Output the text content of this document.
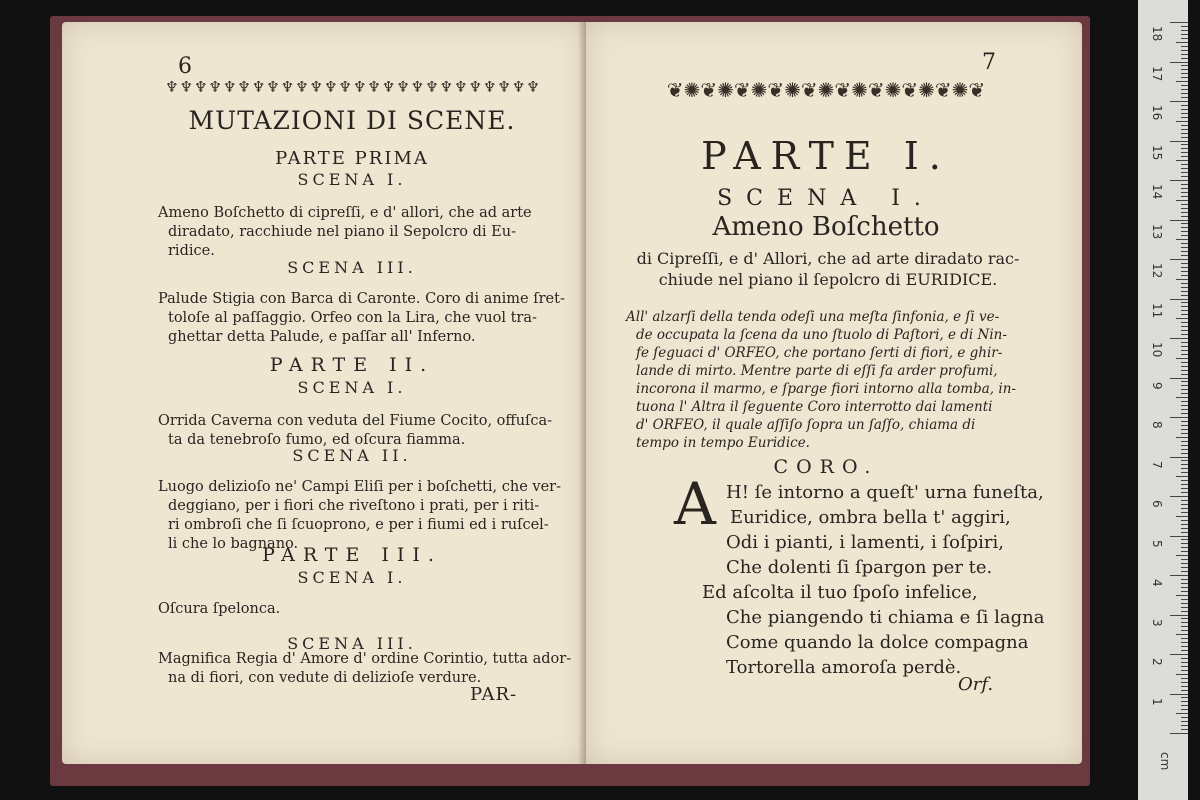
6
♆♆♆♆♆♆♆♆♆♆♆♆♆♆♆♆♆♆♆♆♆♆♆♆♆♆
MUTAZIONI DI SCENE.
PARTE PRIMA
SCENA I.
Ameno Boſchetto di cipreſſi, e d' allori, che ad arte
diradato, racchiude nel piano il Sepolcro di Eu-
ridice.
SCENA III.
Palude Stigia con Barca di Caronte. Coro di anime ſret-
toloſe al paſſaggio. Orfeo con la Lira, che vuol tra-
ghettar detta Palude, e paſſar all' Inferno.
PARTE II.
SCENA I.
Orrida Caverna con veduta del Fiume Cocito, offuſca-
ta da tenebroſo fumo, ed oſcura fiamma.
SCENA II.
Luogo delizioſo ne' Campi Eliſi per i boſchetti, che ver-
deggiano, per i fiori che riveſtono i prati, per i riti-
ri ombroſi che ſi ſcuoprono, e per i fiumi ed i ruſcel-
li che lo bagnano.
PARTE III.
SCENA I.
Oſcura ſpelonca.
SCENA III.
Magnifica Regia d' Amore d' ordine Corintio, tutta ador-
na di fiori, con vedute di delizioſe verdure.
PAR-
7
❦✺❦✺❦✺❦✺❦✺❦✺❦✺❦✺❦✺❦
PARTE I.
SCENA I.
Ameno Boſchetto
di Cipreſſi, e d' Allori, che ad arte diradato rac-
chiude nel piano il ſepolcro di EURIDICE.
All' alzarſi della tenda odeſi una meſta ſinfonia, e ſi ve-
de occupata la ſcena da uno ſtuolo di Paſtori, e di Nin-
fe ſeguaci d' ORFEO, che portano ſerti di fiori, e ghir-
lande di mirto. Mentre parte di eſſi fa arder profumi,
incorona il marmo, e ſparge fiori intorno alla tomba, in-
tuona l' Altra il ſeguente Coro interrotto dai lamenti
d' ORFEO, il quale aſſiſo ſopra un ſaſſo, chiama di
tempo in tempo Euridice.
CORO.
A H! ſe intorno a queſt' urna funeſta,
Euridice, ombra bella t' aggiri,
Odi i pianti, i lamenti, i ſoſpiri,
Che dolenti ſi ſpargon per te.
Ed aſcolta il tuo ſpoſo infelice,
Che piangendo ti chiama e ſi lagna
Come quando la dolce compagna
Tortorella amoroſa perdè.
Orf.
cm
18
17
16
15
14
13
12
11
10
9
8
7
6
5
4
3
2
1
